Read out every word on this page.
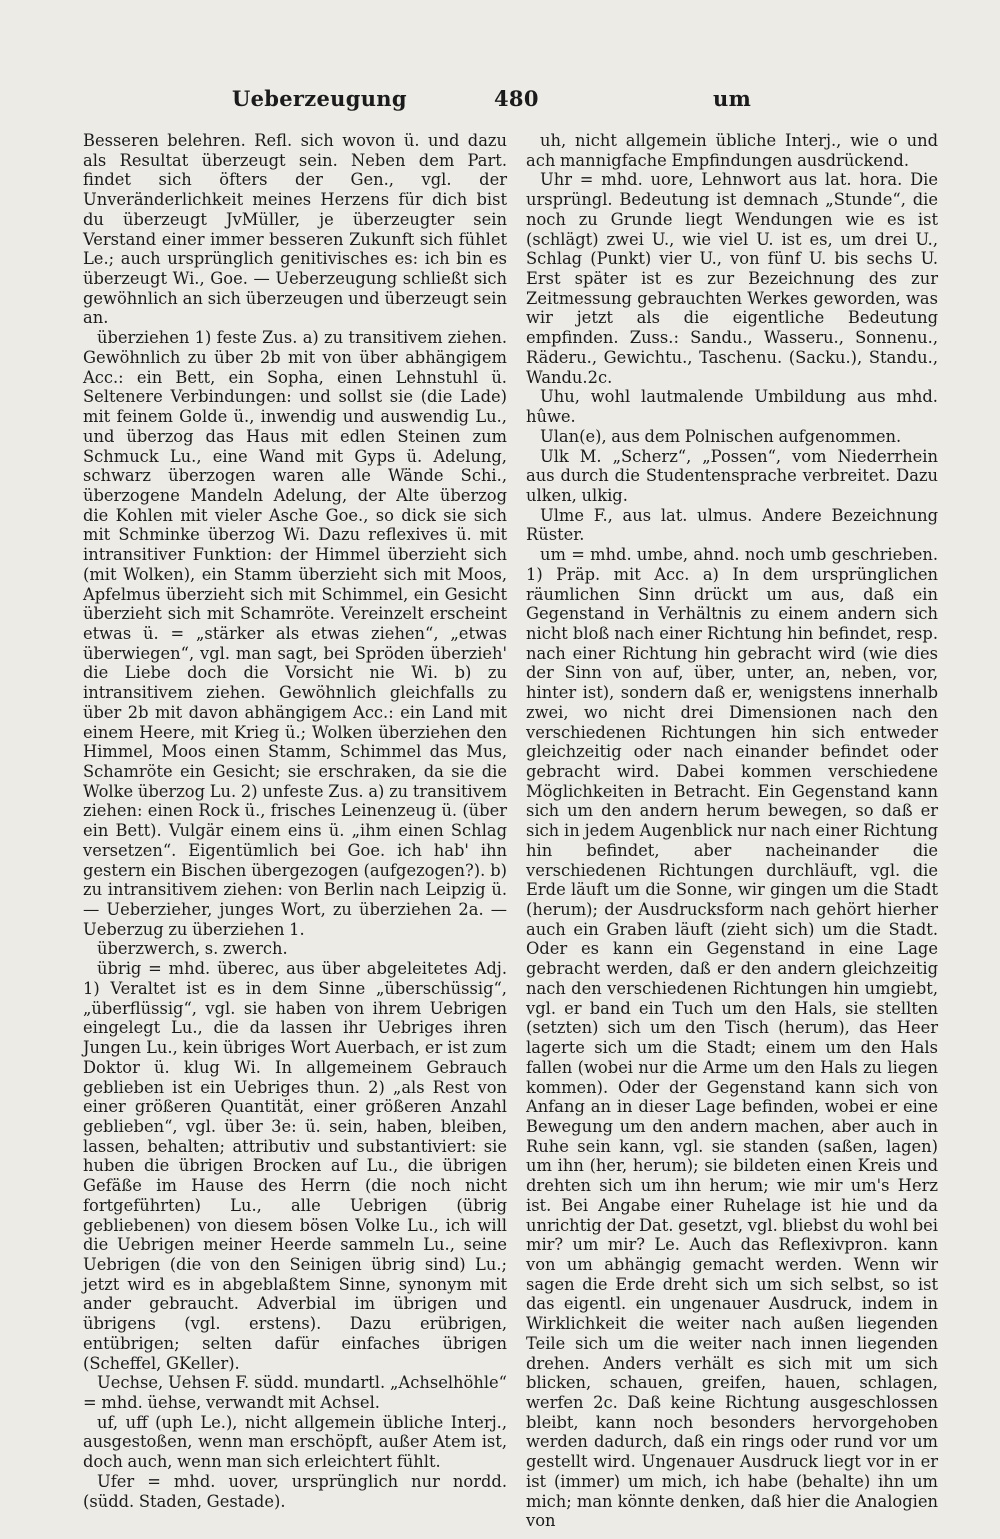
Ueberzeugung	480	um

Besseren belehren. Refl. sich wovon ü. und dazu als Resultat überzeugt sein. Neben dem Part. findet sich öfters der Gen., vgl. der Unveränderlichkeit meines Herzens für dich bist du überzeugt JvMüller, je überzeugter sein Verstand einer immer besseren Zukunft sich fühlet Le.; auch ursprünglich genitivisches es: ich bin es überzeugt Wi., Goe. — Ueberzeugung schließt sich gewöhnlich an sich überzeugen und überzeugt sein an.

überziehen 1) feste Zus. a) zu transitivem ziehen. Gewöhnlich zu über 2b mit von über abhängigem Acc.: ein Bett, ein Sopha, einen Lehnstuhl ü. Seltenere Verbindungen: und sollst sie (die Lade) mit feinem Golde ü., inwendig und auswendig Lu., und überzog das Haus mit edlen Steinen zum Schmuck Lu., eine Wand mit Gyps ü. Adelung, schwarz überzogen waren alle Wände Schi., überzogene Mandeln Adelung, der Alte überzog die Kohlen mit vieler Asche Goe., so dick sie sich mit Schminke überzog Wi. Dazu reflexives ü. mit intransitiver Funktion: der Himmel überzieht sich (mit Wolken), ein Stamm überzieht sich mit Moos, Apfelmus überzieht sich mit Schimmel, ein Gesicht überzieht sich mit Schamröte. Vereinzelt erscheint etwas ü. = „stärker als etwas ziehen“, „etwas überwiegen“, vgl. man sagt, bei Spröden überzieh' die Liebe doch die Vorsicht nie Wi. b) zu intransitivem ziehen. Gewöhnlich gleichfalls zu über 2b mit davon abhängigem Acc.: ein Land mit einem Heere, mit Krieg ü.; Wolken überziehen den Himmel, Moos einen Stamm, Schimmel das Mus, Schamröte ein Gesicht; sie erschraken, da sie die Wolke überzog Lu. 2) unfeste Zus. a) zu transitivem ziehen: einen Rock ü., frisches Leinenzeug ü. (über ein Bett). Vulgär einem eins ü. „ihm einen Schlag versetzen“. Eigentümlich bei Goe. ich hab' ihn gestern ein Bischen übergezogen (aufgezogen?). b) zu intransitivem ziehen: von Berlin nach Leipzig ü. — Ueberzieher, junges Wort, zu überziehen 2a. — Ueberzug zu überziehen 1.

überzwerch, s. zwerch.

übrig = mhd. überec, aus über abgeleitetes Adj. 1) Veraltet ist es in dem Sinne „überschüssig“, „überflüssig“, vgl. sie haben von ihrem Uebrigen eingelegt Lu., die da lassen ihr Uebriges ihren Jungen Lu., kein übriges Wort Auerbach, er ist zum Doktor ü. klug Wi. In allgemeinem Gebrauch geblieben ist ein Uebriges thun. 2) „als Rest von einer größeren Quantität, einer größeren Anzahl geblieben“, vgl. über 3e: ü. sein, haben, bleiben, lassen, behalten; attributiv und substantiviert: sie huben die übrigen Brocken auf Lu., die übrigen Gefäße im Hause des Herrn (die noch nicht fortgeführten) Lu., alle Uebrigen (übrig gebliebenen) von diesem bösen Volke Lu., ich will die Uebrigen meiner Heerde sammeln Lu., seine Uebrigen (die von den Seinigen übrig sind) Lu.; jetzt wird es in abgeblaßtem Sinne, synonym mit ander gebraucht. Adverbial im übrigen und übrigens (vgl. erstens). Dazu erübrigen, entübrigen; selten dafür einfaches übrigen (Scheffel, GKeller).

Uechse, Uehsen F. südd. mundartl. „Achselhöhle“ = mhd. üehse, verwandt mit Achsel.

uf, uff (uph Le.), nicht allgemein übliche Interj., ausgestoßen, wenn man erschöpft, außer Atem ist, doch auch, wenn man sich erleichtert fühlt.

Ufer = mhd. uover, ursprünglich nur nordd. (südd. Staden, Gestade).

uh, nicht allgemein übliche Interj., wie o und ach mannigfache Empfindungen ausdrückend.

Uhr = mhd. uore, Lehnwort aus lat. hora. Die ursprüngl. Bedeutung ist demnach „Stunde“, die noch zu Grunde liegt Wendungen wie es ist (schlägt) zwei U., wie viel U. ist es, um drei U., Schlag (Punkt) vier U., von fünf U. bis sechs U. Erst später ist es zur Bezeichnung des zur Zeitmessung gebrauchten Werkes geworden, was wir jetzt als die eigentliche Bedeutung empfinden. Zuss.: Sandu., Wasseru., Sonnenu., Räderu., Gewichtu., Taschenu. (Sacku.), Standu., Wandu.2c.

Uhu, wohl lautmalende Umbildung aus mhd. hûwe.

Ulan(e), aus dem Polnischen aufgenommen.

Ulk M. „Scherz“, „Possen“, vom Niederrhein aus durch die Studentensprache verbreitet. Dazu ulken, ulkig.

Ulme F., aus lat. ulmus. Andere Bezeichnung Rüster.

um = mhd. umbe, ahnd. noch umb geschrieben. 1) Präp. mit Acc. a) In dem ursprünglichen räumlichen Sinn drückt um aus, daß ein Gegenstand in Verhältnis zu einem andern sich nicht bloß nach einer Richtung hin befindet, resp. nach einer Richtung hin gebracht wird (wie dies der Sinn von auf, über, unter, an, neben, vor, hinter ist), sondern daß er, wenigstens innerhalb zwei, wo nicht drei Dimensionen nach den verschiedenen Richtungen hin sich entweder gleichzeitig oder nach einander befindet oder gebracht wird. Dabei kommen verschiedene Möglichkeiten in Betracht. Ein Gegenstand kann sich um den andern herum bewegen, so daß er sich in jedem Augenblick nur nach einer Richtung hin befindet, aber nacheinander die verschiedenen Richtungen durchläuft, vgl. die Erde läuft um die Sonne, wir gingen um die Stadt (herum); der Ausdrucksform nach gehört hierher auch ein Graben läuft (zieht sich) um die Stadt. Oder es kann ein Gegenstand in eine Lage gebracht werden, daß er den andern gleichzeitig nach den verschiedenen Richtungen hin umgiebt, vgl. er band ein Tuch um den Hals, sie stellten (setzten) sich um den Tisch (herum), das Heer lagerte sich um die Stadt; einem um den Hals fallen (wobei nur die Arme um den Hals zu liegen kommen). Oder der Gegenstand kann sich von Anfang an in dieser Lage befinden, wobei er eine Bewegung um den andern machen, aber auch in Ruhe sein kann, vgl. sie standen (saßen, lagen) um ihn (her, herum); sie bildeten einen Kreis und drehten sich um ihn herum; wie mir um's Herz ist. Bei Angabe einer Ruhelage ist hie und da unrichtig der Dat. gesetzt, vgl. bliebst du wohl bei mir? um mir? Le. Auch das Reflexivpron. kann von um abhängig gemacht werden. Wenn wir sagen die Erde dreht sich um sich selbst, so ist das eigentl. ein ungenauer Ausdruck, indem in Wirklichkeit die weiter nach außen liegenden Teile sich um die weiter nach innen liegenden drehen. Anders verhält es sich mit um sich blicken, schauen, greifen, hauen, schlagen, werfen 2c. Daß keine Richtung ausgeschlossen bleibt, kann noch besonders hervorgehoben werden dadurch, daß ein rings oder rund vor um gestellt wird. Ungenauer Ausdruck liegt vor in er ist (immer) um mich, ich habe (behalte) ihn um mich; man könnte denken, daß hier die Analogien von
